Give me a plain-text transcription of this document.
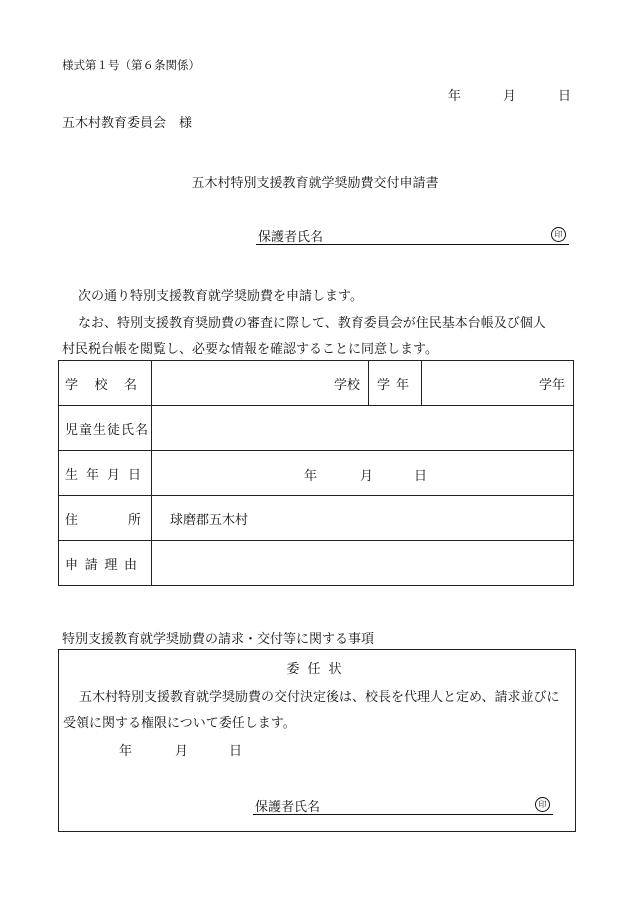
様式第１号（第６条関係）
年	月	日
五木村教育委員会　様
五木村特別支援教育就学奨励費交付申請書
保護者氏名	印
次の通り特別支援教育就学奨励費を申請します。
なお、特別支援教育奨励費の審査に際して、教育委員会が住民基本台帳及び個人
村民税台帳を閲覧し、必要な情報を確認することに同意します。
学 校 名	学校	学 年	学年

児童生徒氏名			

生 年 月 日	年 月 日		

住 所	球磨郡五木村		

申 請 理 由			

特別支援教育就学奨励費の請求・交付等に関する事項
委任状
五木村特別支援教育就学奨励費の交付決定後は、校長を代理人と定め、請求並びに
受領に関する権限について委任します。
年	月	日
保護者氏名	印
